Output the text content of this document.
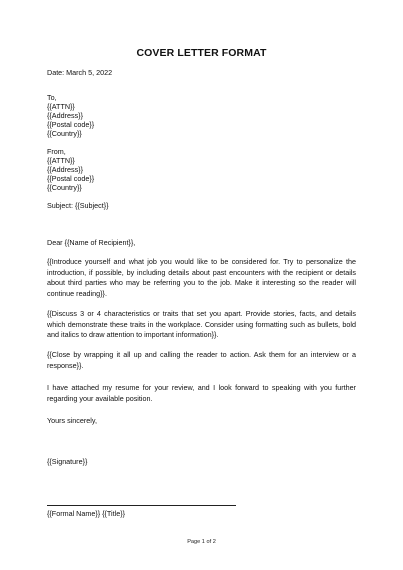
COVER LETTER FORMAT
Date: March 5, 2022
To,
{{ATTN}}
{{Address}}
{{Postal code}}
{{Country}}
From,
{{ATTN}}
{{Address}}
{{Postal code}}
{{Country}}
Subject: {{Subject}}
Dear {{Name of Recipient}},
{{Introduce yourself and what job you would like to be considered for. Try to personalize the introduction, if possible, by including details about past encounters with the recipient or details about third parties who may be referring you to the job. Make it interesting so the reader will continue reading}}.
{{Discuss 3 or 4 characteristics or traits that set you apart. Provide stories, facts, and details which demonstrate these traits in the workplace. Consider using formatting such as bullets, bold and italics to draw attention to important information}}.
{{Close by wrapping it all up and calling the reader to action. Ask them for an interview or a response}}.
I have attached my resume for your review, and I look forward to speaking with you further regarding your available position.
Yours sincerely,
{{Signature}}
{{Formal Name}} {{Title}}
Page 1 of 2
